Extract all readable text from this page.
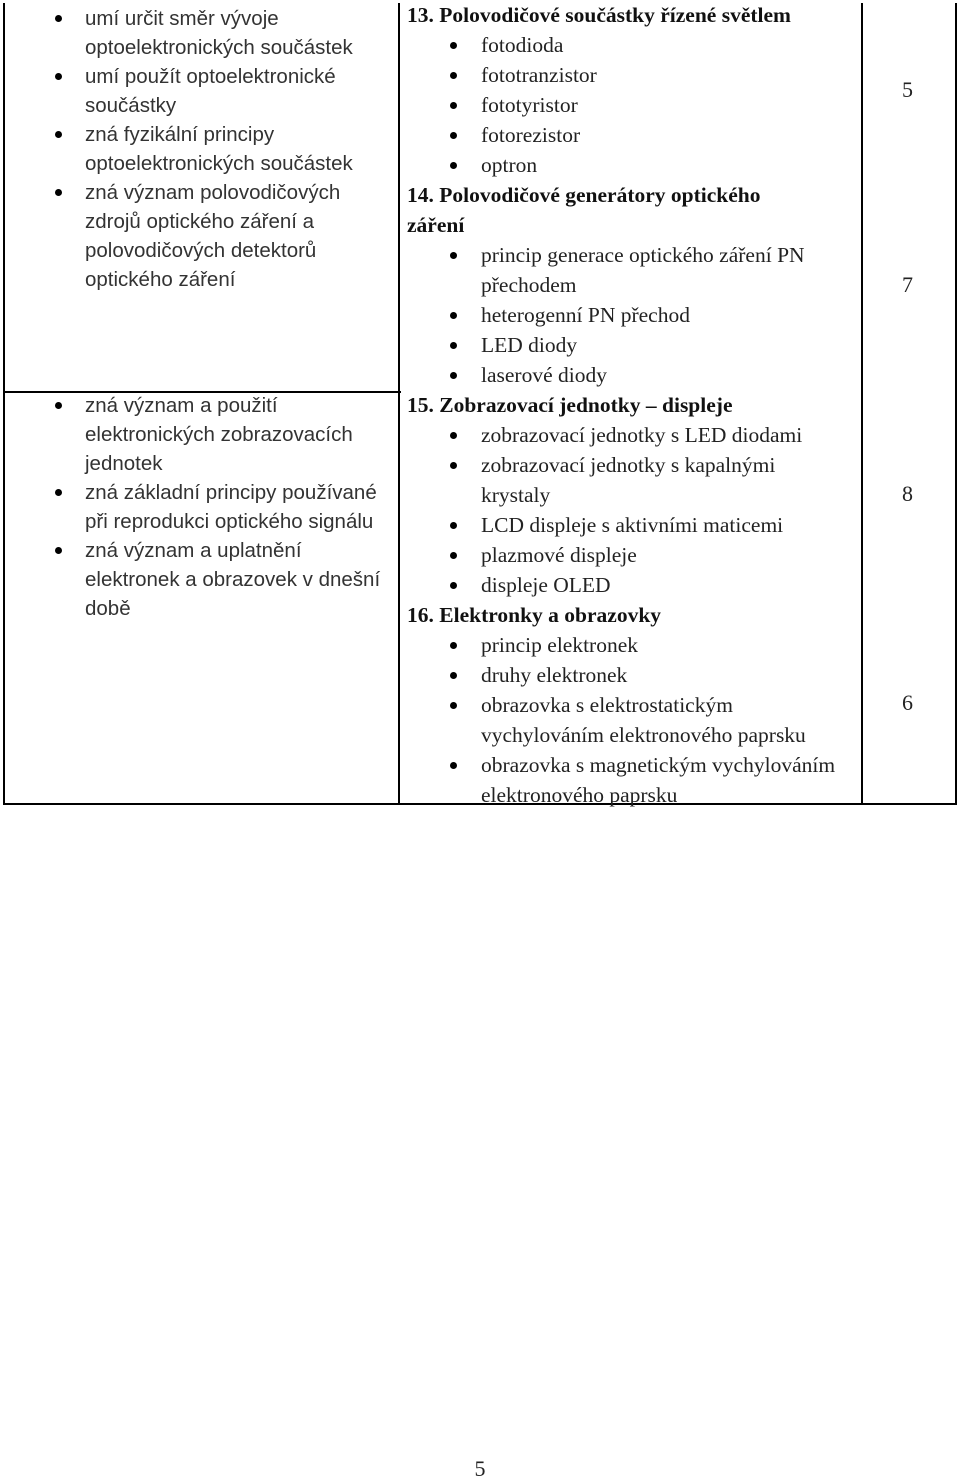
umí určit směr vývoje optoelektronických součástek
umí použít optoelektronické součástky
zná fyzikální principy optoelektronických součástek
zná význam polovodičových zdrojů optického záření a polovodičových detektorů optického záření
zná význam a použití elektronických zobrazovacích jednotek
zná základní principy používané při reprodukci optického signálu
zná význam a uplatnění elektronek a obrazovek v dnešní době
13. Polovodičové součástky řízené světlem
fotodioda
fototranzistor
fototyristor
fotorezistor
optron
14. Polovodičové generátory optického záření
princip generace optického záření PN přechodem
heterogenní PN přechod
LED diody
laserové diody
15. Zobrazovací jednotky – displeje
zobrazovací jednotky s LED diodami
zobrazovací jednotky s kapalnými krystaly
LCD displeje s aktivními maticemi
plazmové displeje
displeje OLED
16. Elektronky a obrazovky
princip elektronek
druhy elektronek
obrazovka s elektrostatickým vychylováním elektronového paprsku
obrazovka s magnetickým vychylováním elektronového paprsku
5
7
8
6
5
